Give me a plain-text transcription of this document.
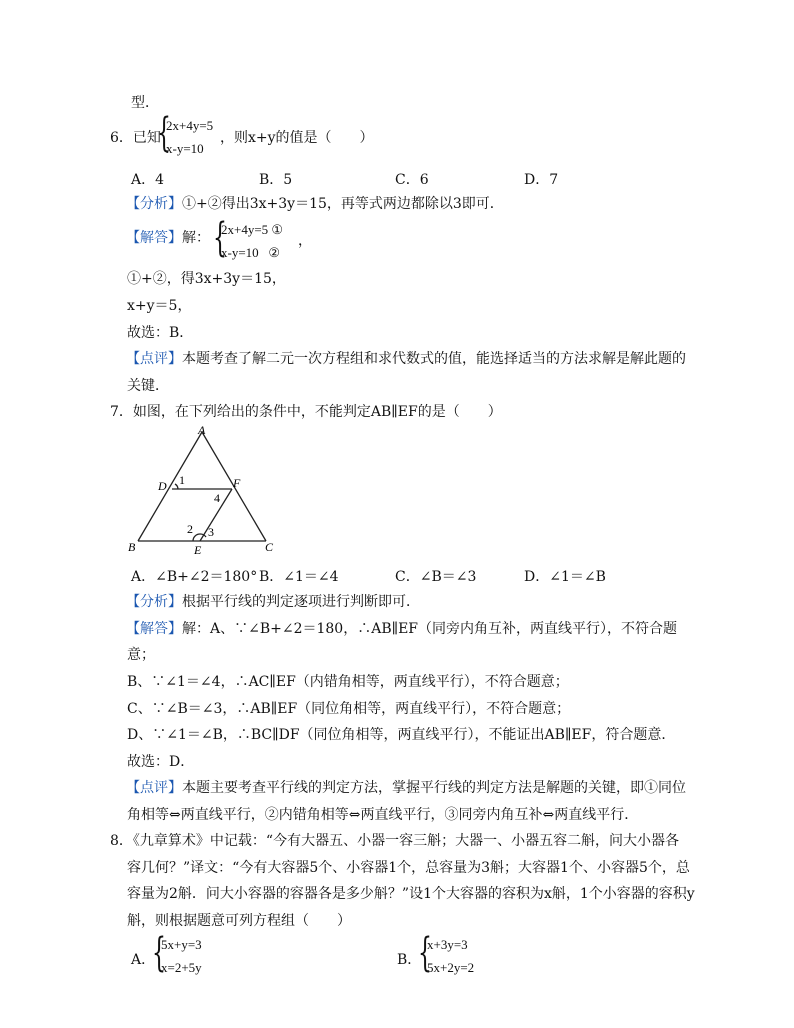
型．
6．已知
{
2x+4y=5
x-y=10
，则x+y的值是（　　）
A．4	B．5	C．6	D．7
【分析】①+②得出3x+3y＝15，再等式两边都除以3即可．
【解答】解： {
2x+4y=5 ①
x-y=10 ②
，
①+②，得3x+3y＝15，
x+y＝5，
故选：B．
【点评】本题考查了解二元一次方程组和求代数式的值，能选择适当的方法求解是解此题的
关键．
7．如图，在下列给出的条件中，不能判定AB∥EF的是（　　）
A
B	C
D
E
F
1
2 3
4
A．∠B+∠2＝180° B．∠1＝∠4	C．∠B＝∠3	D．∠1＝∠B
【分析】根据平行线的判定逐项进行判断即可．
【解答】解：A、∵∠B+∠2＝180，∴AB∥EF（同旁内角互补，两直线平行），不符合题
意；
B、∵∠1＝∠4，∴AC∥EF（内错角相等，两直线平行），不符合题意；
C、∵∠B＝∠3，∴AB∥EF（同位角相等，两直线平行），不符合题意；
D、∵∠1＝∠B，∴BC∥DF（同位角相等，两直线平行），不能证出AB∥EF，符合题意．
故选：D．
【点评】本题主要考查平行线的判定方法，掌握平行线的判定方法是解题的关键，即①同位
角相等⇔两直线平行，②内错角相等⇔两直线平行，③同旁内角互补⇔两直线平行．
8．《九章算术》中记载：“今有大器五、小器一容三斛；大器一、小器五容二斛，问大小器各
容几何？”译文：“今有大容器5个、小容器1个，总容量为3斛；大容器1个、小容器5个，总
容量为2斛．问大小容器的容器各是多少斛？”设1个大容器的容积为x斛，1个小容器的容积y
斛，则根据题意可列方程组（　　）
A．
{
5x+y=3
x=2+5y	B．
{
x+3y=3
5x+2y=2
